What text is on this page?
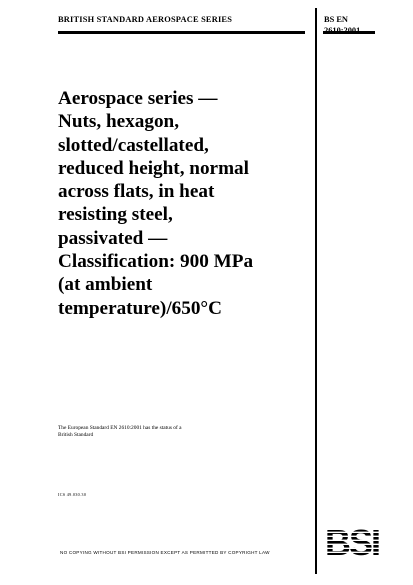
BRITISH STANDARD AEROSPACE SERIES	BS EN
2610:2001
Aerospace series —
Nuts, hexagon,
slotted/castellated,
reduced height, normal
across flats, in heat
resisting steel,
passivated —
Classification: 900 MPa
(at ambient
temperature)/650°C
The European Standard EN 2610:2001 has the status of a
British Standard
ICS 49.030.30
NO COPYING WITHOUT BSI PERMISSION EXCEPT AS PERMITTED BY COPYRIGHT LAW
